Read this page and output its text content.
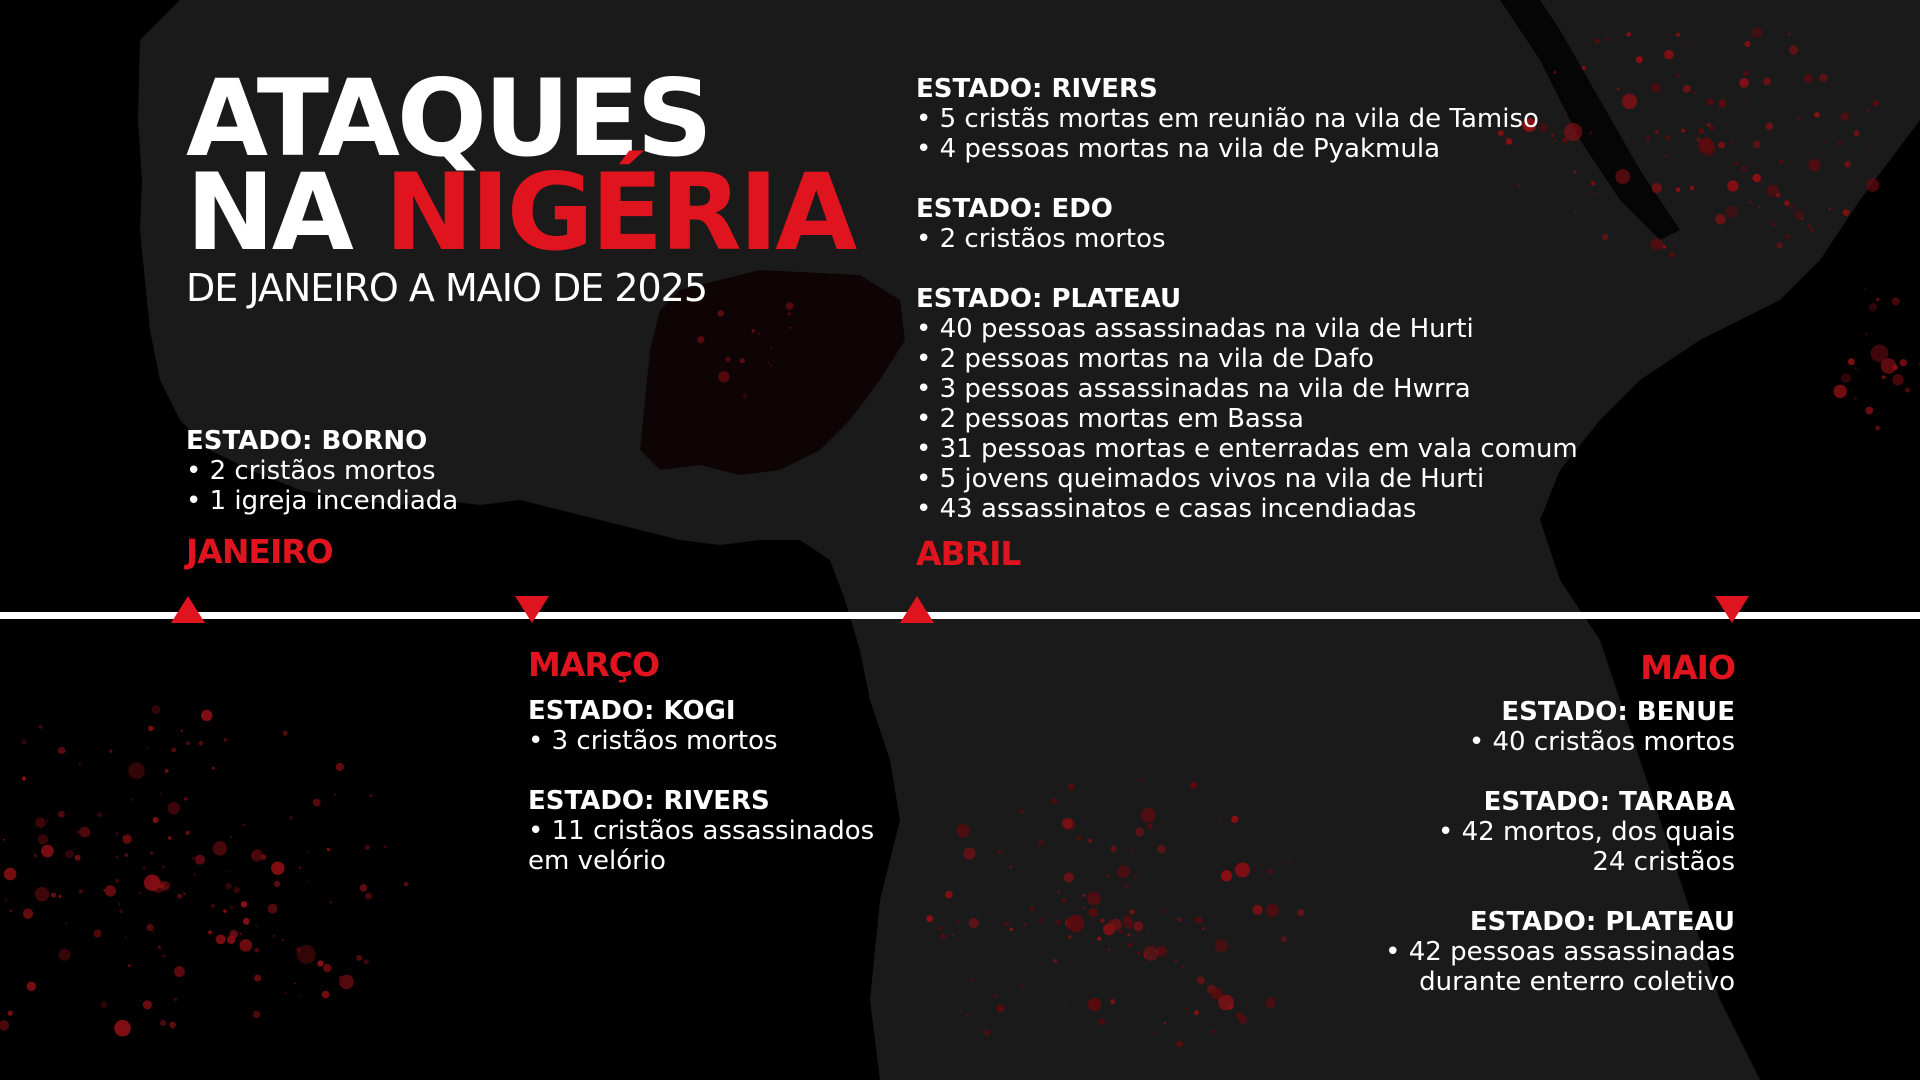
ATAQUES
NA NIGÉRIA
DE JANEIRO A MAIO DE 2025
ESTADO: BORNO
• 2 cristãos mortos
• 1 igreja incendiada
JANEIRO
ESTADO: RIVERS
• 5 cristãs mortas em reunião na vila de Tamiso
• 4 pessoas mortas na vila de Pyakmula
ESTADO: EDO
• 2 cristãos mortos
ESTADO: PLATEAU
• 40 pessoas assassinadas na vila de Hurti
• 2 pessoas mortas na vila de Dafo
• 3 pessoas assassinadas na vila de Hwrra
• 2 pessoas mortas em Bassa
• 31 pessoas mortas e enterradas em vala comum
• 5 jovens queimados vivos na vila de Hurti
• 43 assassinatos e casas incendiadas
ABRIL
MARÇO
ESTADO: KOGI
• 3 cristãos mortos
ESTADO: RIVERS
• 11 cristãos assassinados
em velório
MAIO
ESTADO: BENUE
• 40 cristãos mortos
ESTADO: TARABA
• 42 mortos, dos quais
24 cristãos
ESTADO: PLATEAU
• 42 pessoas assassinadas
durante enterro coletivo
